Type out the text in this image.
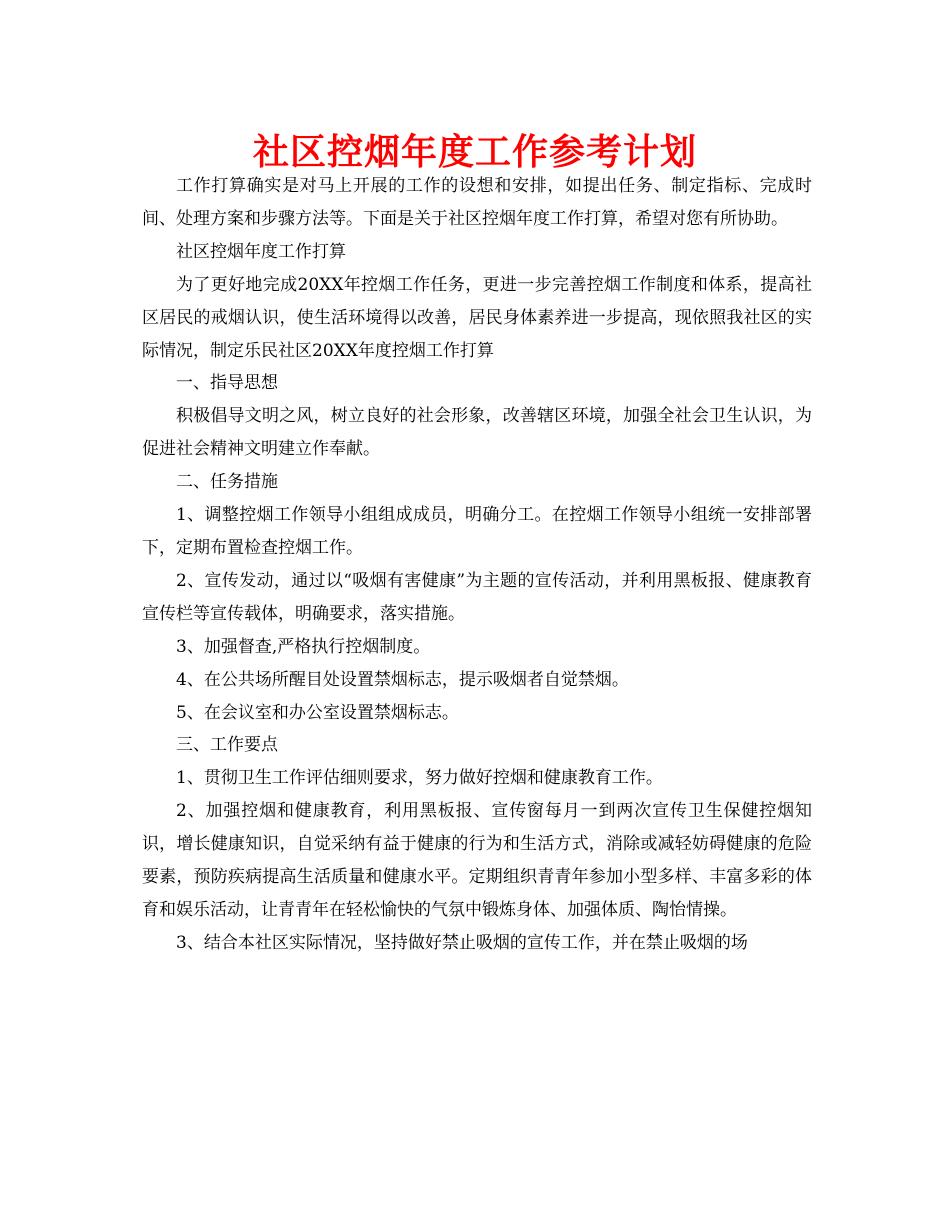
社区控烟年度工作参考计划

工作打算确实是对马上开展的工作的设想和安排，如提出任务、制定指标、完成时间、处理方案和步骤方法等。下面是关于社区控烟年度工作打算，希望对您有所协助。

社区控烟年度工作打算

为了更好地完成20XX年控烟工作任务，更进一步完善控烟工作制度和体系，提高社区居民的戒烟认识，使生活环境得以改善，居民身体素养进一步提高，现依照我社区的实际情况，制定乐民社区20XX年度控烟工作打算

一、指导思想

积极倡导文明之风，树立良好的社会形象，改善辖区环境，加强全社会卫生认识，为促进社会精神文明建立作奉献。

二、任务措施

1、调整控烟工作领导小组组成成员，明确分工。在控烟工作领导小组统一安排部署下，定期布置检查控烟工作。

2、宣传发动，通过以“吸烟有害健康”为主题的宣传活动，并利用黑板报、健康教育宣传栏等宣传载体，明确要求，落实措施。

3、加强督查,严格执行控烟制度。

4、在公共场所醒目处设置禁烟标志，提示吸烟者自觉禁烟。

5、在会议室和办公室设置禁烟标志。

三、工作要点

1、贯彻卫生工作评估细则要求，努力做好控烟和健康教育工作。

2、加强控烟和健康教育，利用黑板报、宣传窗每月一到两次宣传卫生保健控烟知识，增长健康知识，自觉采纳有益于健康的行为和生活方式，消除或减轻妨碍健康的危险要素，预防疾病提高生活质量和健康水平。定期组织青青年参加小型多样、丰富多彩的体育和娱乐活动，让青青年在轻松愉快的气氛中锻炼身体、加强体质、陶怡情操。

3、结合本社区实际情况，坚持做好禁止吸烟的宣传工作，并在禁止吸烟的场
